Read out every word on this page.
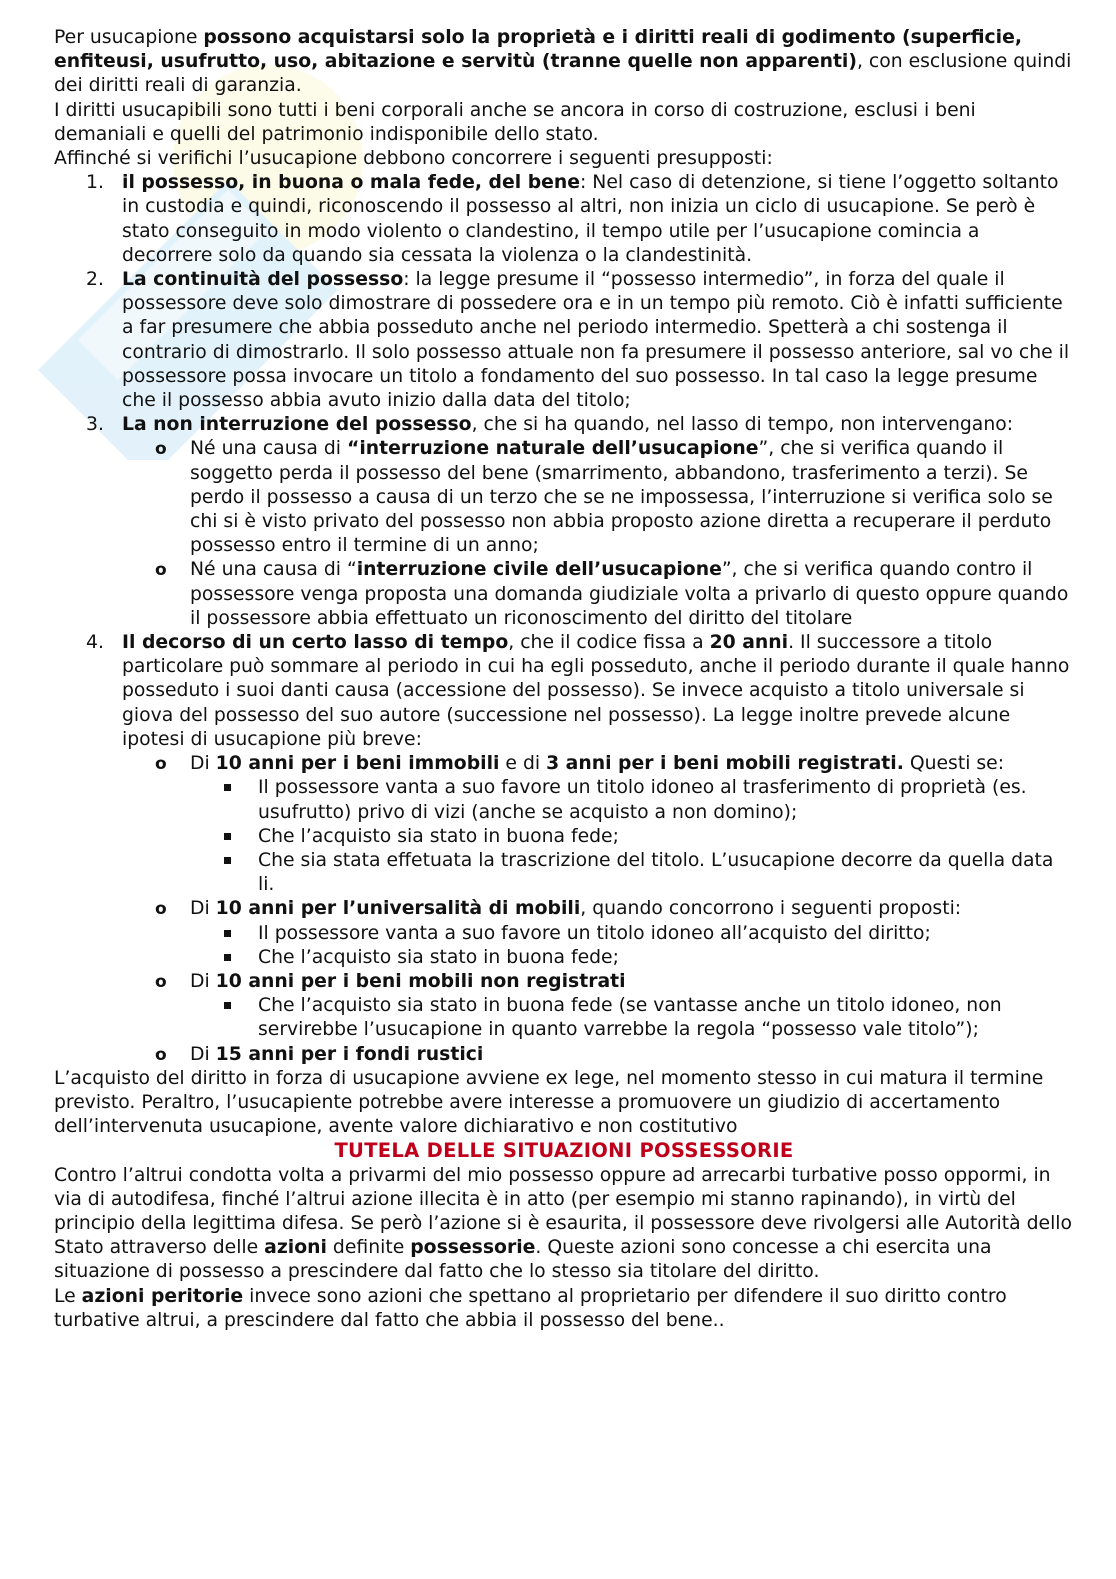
Per usucapione possono acquistarsi solo la proprietà e i diritti reali di godimento (superficie, enfiteusi, usufrutto, uso, abitazione e servitù (tranne quelle non apparenti), con esclusione quindi dei diritti reali di garanzia.

I diritti usucapibili sono tutti i beni corporali anche se ancora in corso di costruzione, esclusi i beni demaniali e quelli del patrimonio indisponibile dello stato.

Affinché si verifichi l’usucapione debbono concorrere i seguenti presupposti:

1. il possesso, in buona o mala fede, del bene: Nel caso di detenzione, si tiene l’oggetto soltanto in custodia e quindi, riconoscendo il possesso al altri, non inizia un ciclo di usucapione. Se però è stato conseguito in modo violento o clandestino, il tempo utile per l’usucapione comincia a decorrere solo da quando sia cessata la violenza o la clandestinità.
2. La continuità del possesso: la legge presume il “possesso intermedio”, in forza del quale il possessore deve solo dimostrare di possedere ora e in un tempo più remoto. Ciò è infatti sufficiente a far presumere che abbia posseduto anche nel periodo intermedio. Spetterà a chi sostenga il contrario di dimostrarlo. Il solo possesso attuale non fa presumere il possesso anteriore, sal vo che il possessore possa invocare un titolo a fondamento del suo possesso. In tal caso la legge presume che il possesso abbia avuto inizio dalla data del titolo;
3. La non interruzione del possesso, che si ha quando, nel lasso di tempo, non intervengano:
o Né una causa di “interruzione naturale dell’usucapione”, che si verifica quando il soggetto perda il possesso del bene (smarrimento, abbandono, trasferimento a terzi). Se perdo il possesso a causa di un terzo che se ne impossessa, l’interruzione si verifica solo se chi si è visto privato del possesso non abbia proposto azione diretta a recuperare il perduto possesso entro il termine di un anno;
o Né una causa di “interruzione civile dell’usucapione”, che si verifica quando contro il possessore venga proposta una domanda giudiziale volta a privarlo di questo oppure quando il possessore abbia effettuato un riconoscimento del diritto del titolare
4. Il decorso di un certo lasso di tempo, che il codice fissa a 20 anni. Il successore a titolo particolare può sommare al periodo in cui ha egli posseduto, anche il periodo durante il quale hanno posseduto i suoi danti causa (accessione del possesso). Se invece acquisto a titolo universale si giova del possesso del suo autore (successione nel possesso). La legge inoltre prevede alcune ipotesi di usucapione più breve:
o Di 10 anni per i beni immobili e di 3 anni per i beni mobili registrati. Questi se:
Il possessore vanta a suo favore un titolo idoneo al trasferimento di proprietà (es. usufrutto) privo di vizi (anche se acquisto a non domino);
Che l’acquisto sia stato in buona fede;
Che sia stata effetuata la trascrizione del titolo. L’usucapione decorre da quella data li.
o Di 10 anni per l’universalità di mobili, quando concorrono i seguenti proposti:
Il possessore vanta a suo favore un titolo idoneo all’acquisto del diritto;
Che l’acquisto sia stato in buona fede;
o Di 10 anni per i beni mobili non registrati
Che l’acquisto sia stato in buona fede (se vantasse anche un titolo idoneo, non servirebbe l’usucapione in quanto varrebbe la regola “possesso vale titolo”);
o Di 15 anni per i fondi rustici

L’acquisto del diritto in forza di usucapione avviene ex lege, nel momento stesso in cui matura il termine previsto. Peraltro, l’usucapiente potrebbe avere interesse a promuovere un giudizio di accertamento dell’intervenuta usucapione, avente valore dichiarativo e non costitutivo

TUTELA DELLE SITUAZIONI POSSESSORIE

Contro l’altrui condotta volta a privarmi del mio possesso oppure ad arrecarbi turbative posso oppormi, in via di autodifesa, finché l’altrui azione illecita è in atto (per esempio mi stanno rapinando), in virtù del principio della legittima difesa. Se però l’azione si è esaurita, il possessore deve rivolgersi alle Autorità dello Stato attraverso delle azioni definite possessorie. Queste azioni sono concesse a chi esercita una situazione di possesso a prescindere dal fatto che lo stesso sia titolare del diritto.

Le azioni peritorie invece sono azioni che spettano al proprietario per difendere il suo diritto contro turbative altrui, a prescindere dal fatto che abbia il possesso del bene..
